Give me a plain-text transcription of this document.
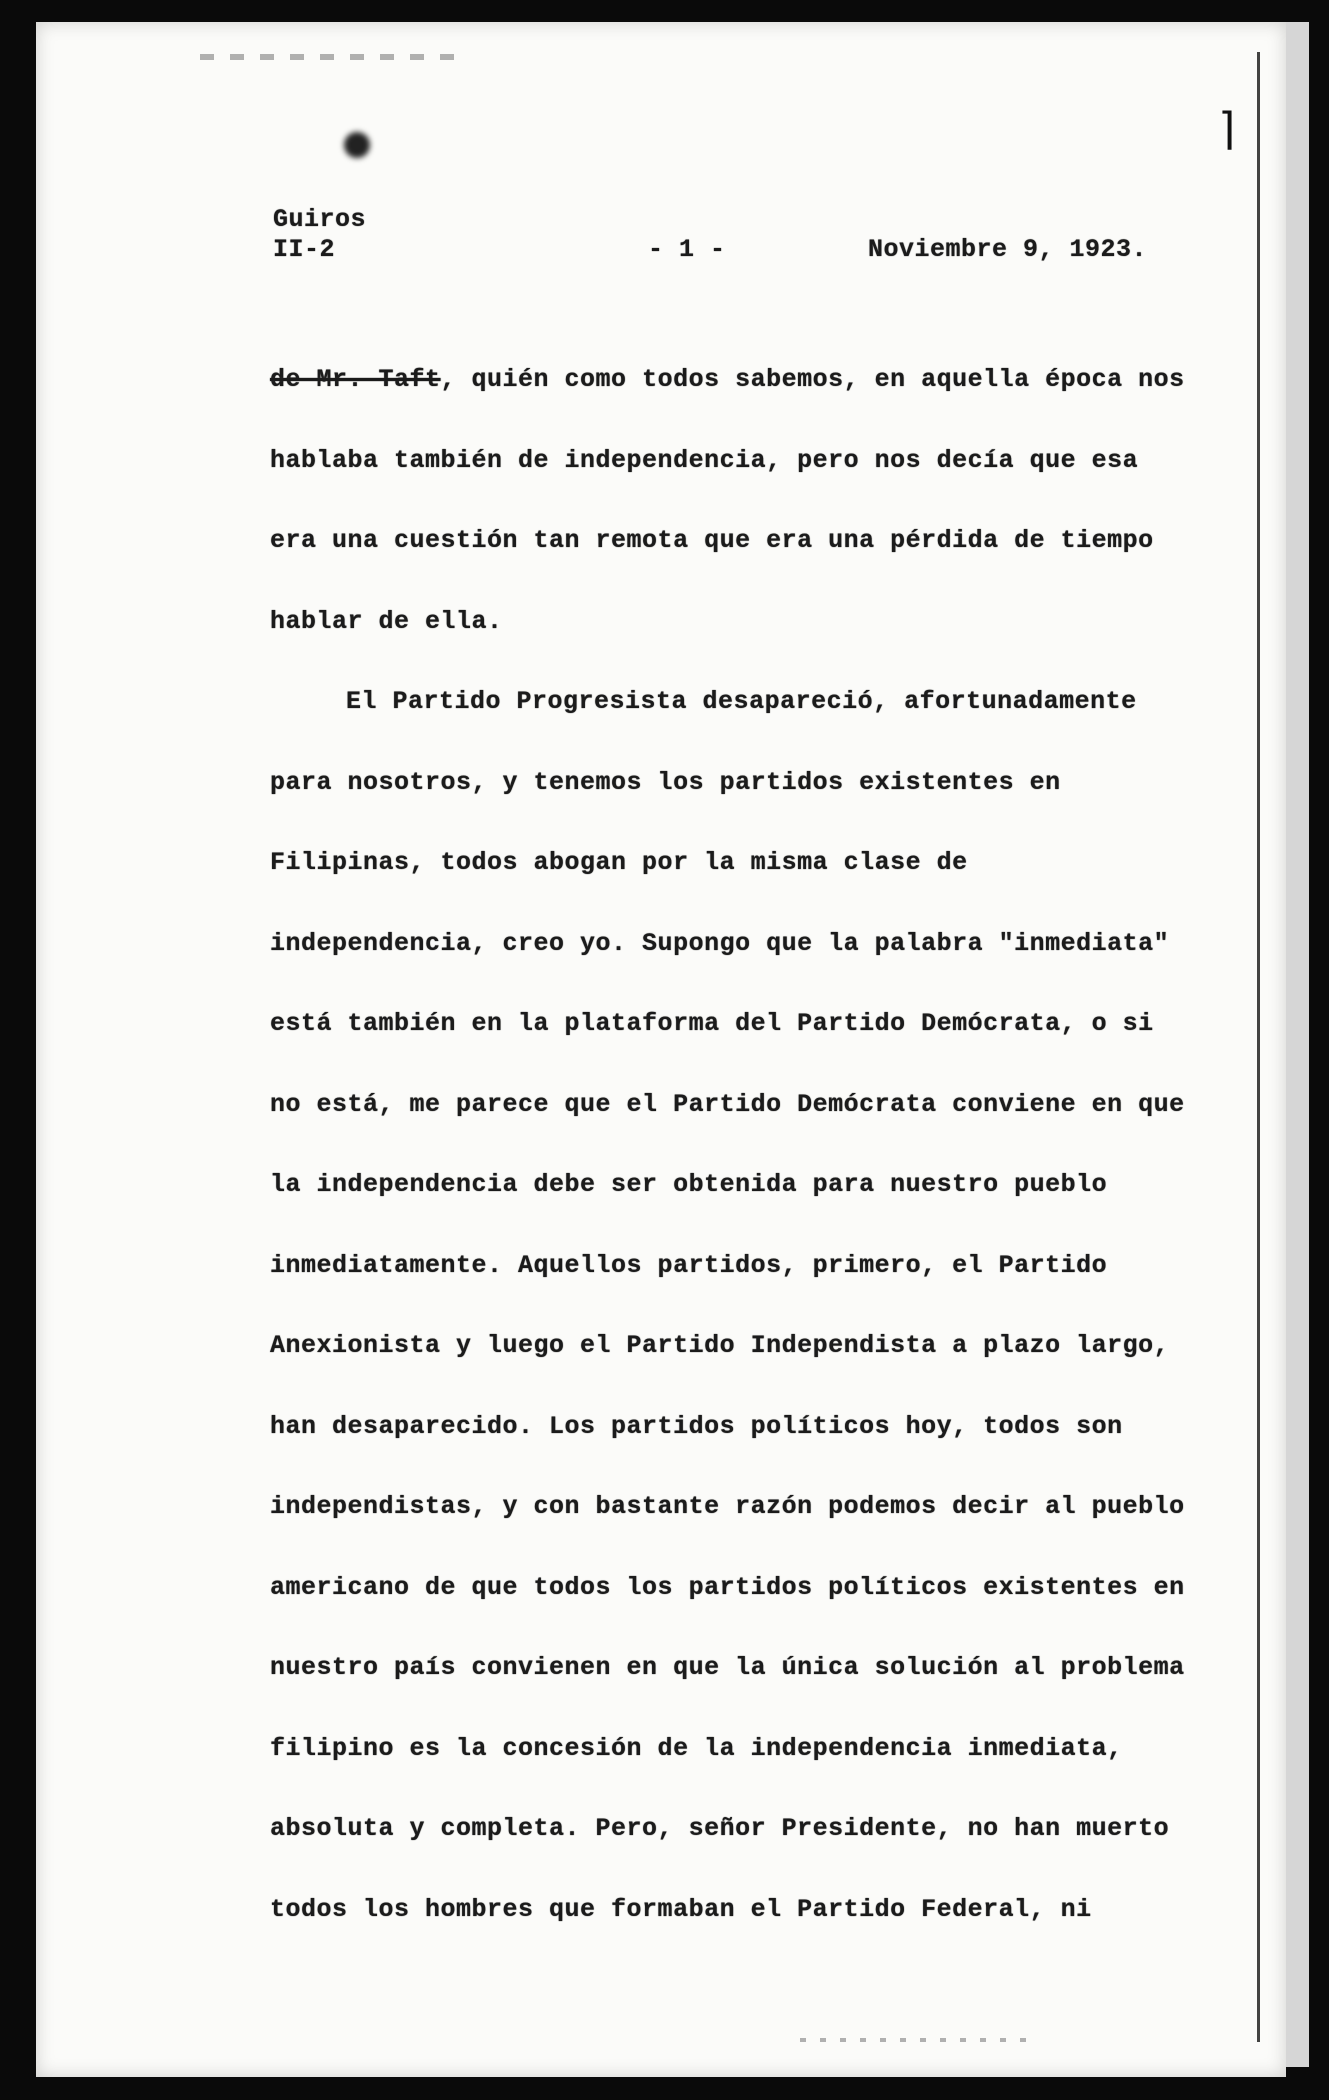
⌉
Guiros
II-2	- 1 -	Noviembre 9, 1923.

de Mr. Taft, quién como todos sabemos, en aquella época nos hablaba también de independencia, pero nos decía que esa era una cuestión tan remota que era una pérdida de tiempo hablar de ella.

El Partido Progresista desapareció, afortunadamente para nosotros, y tenemos los partidos existentes en Filipinas, todos abogan por la misma clase de independencia, creo yo. Supongo que la palabra "inmediata" está también en la plataforma del Partido Demócrata, o si no está, me parece que el Partido Demócrata conviene en que la independencia debe ser obtenida para nuestro pueblo inmediatamente. Aquellos partidos, primero, el Partido Anexionista y luego el Partido Independista a plazo largo, han desaparecido. Los partidos políticos hoy, todos son independistas, y con bastante razón podemos decir al pueblo americano de que todos los partidos políticos existentes en nuestro país convienen en que la única solución al problema filipino es la concesión de la independencia inmediata, absoluta y completa. Pero, señor Presidente, no han muerto todos los hombres que formaban el Partido Federal, ni
